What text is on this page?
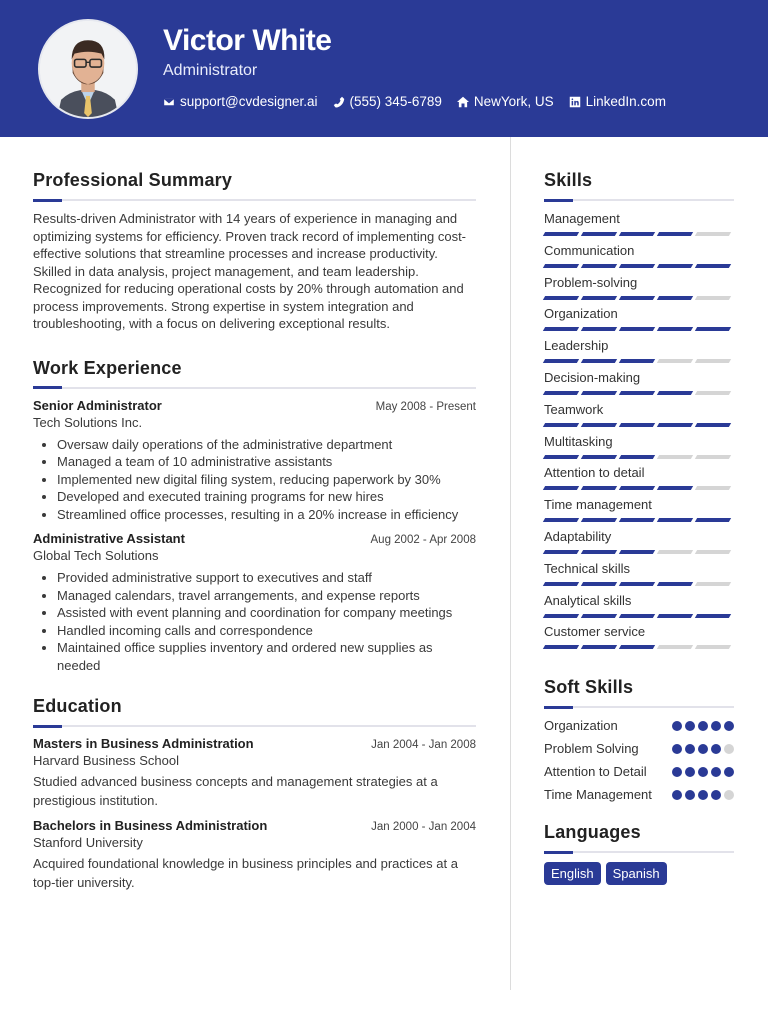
Victor White
Administrator
support@cvdesigner.ai (555) 345-6789 NewYork, US LinkedIn.com
Professional Summary

Results-driven Administrator with 14 years of experience in managing and optimizing systems for efficiency. Proven track record of implementing cost-effective solutions that streamline processes and increase productivity. Skilled in data analysis, project management, and team leadership. Recognized for reducing operational costs by 20% through automation and process improvements. Strong expertise in system integration and troubleshooting, with a focus on delivering exceptional results.

Work Experience
Senior Administrator	May 2008 - Present
Tech Solutions Inc.
• Oversaw daily operations of the administrative department
• Managed a team of 10 administrative assistants
• Implemented new digital filing system, reducing paperwork by 30%
• Developed and executed training programs for new hires
• Streamlined office processes, resulting in a 20% increase in efficiency
Administrative Assistant	Aug 2002 - Apr 2008
Global Tech Solutions
• Provided administrative support to executives and staff
• Managed calendars, travel arrangements, and expense reports
• Assisted with event planning and coordination for company meetings
• Handled incoming calls and correspondence
• Maintained office supplies inventory and ordered new supplies as needed
Education
Masters in Business Administration	Jan 2004 - Jan 2008
Harvard Business School

Studied advanced business concepts and management strategies at a prestigious institution.

Bachelors in Business Administration	Jan 2000 - Jan 2004
Stanford University

Acquired foundational knowledge in business principles and practices at a top-tier university.

Skills
Management
Communication
Problem-solving
Organization
Leadership
Decision-making
Teamwork
Multitasking
Attention to detail
Time management
Adaptability
Technical skills
Analytical skills
Customer service
Soft Skills
Organization
Problem Solving
Attention to Detail
Time Management
Languages
English	Spanish
